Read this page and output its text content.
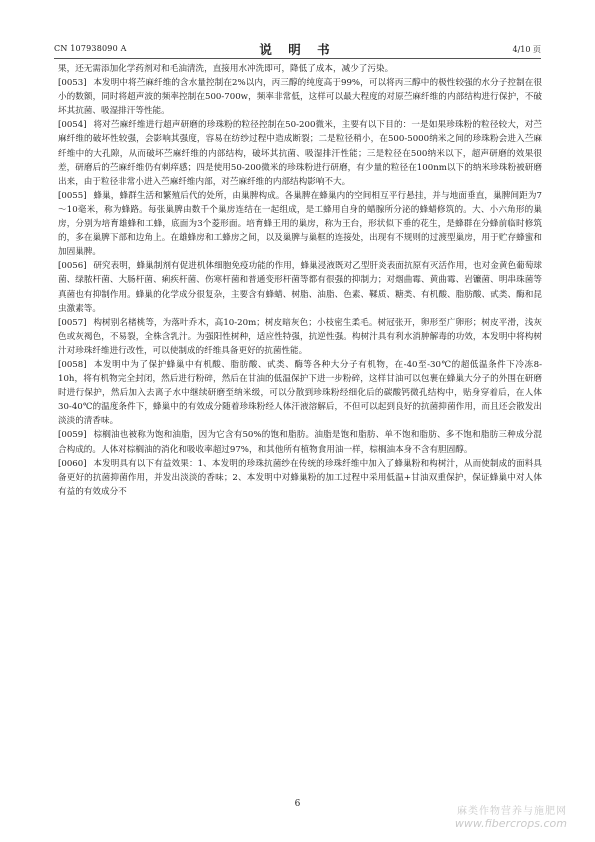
CN 107938090 A	说 明 书	4/10 页

果，还无需添加化学药剂对和毛油清洗，直接用水冲洗即可，降低了成本，减少了污染。

[0053] 本发明中将苎麻纤维的含水量控制在2%以内，丙三醇的纯度高于99%，可以将丙三醇中的极性较强的水分子控制在很小的数额，同时将超声波的频率控制在500-700w，频率非常低，这样可以最大程度的对原苎麻纤维的内部结构进行保护，不破坏其抗菌、吸湿排汗等性能。

[0054] 将对苎麻纤维进行超声研磨的珍珠粉的粒径控制在50-200微米，主要有以下目的：一是如果珍珠粉的粒径较大，对苎麻纤维的破坏性较强，会影响其强度，容易在纺纱过程中造成断裂；二是粒径稍小，在500-5000纳米之间的珍珠粉会进入苎麻纤维中的大孔隙，从而破坏苎麻纤维的内部结构，破坏其抗菌、吸湿排汗性能；三是粒径在500纳米以下，超声研磨的效果很差，研磨后的苎麻纤维仍有刺痒感；四是使用50-200微米的珍珠粉进行研磨，有少量的粒径在100nm以下的纳米珍珠粉被研磨出来，由于粒径非常小进入苎麻纤维内部，对苎麻纤维的内部结构影响不大。

[0055] 蜂巢，蜂群生活和繁殖后代的处所，由巢脾构成。各巢脾在蜂巢内的空间相互平行悬挂，并与地面垂直，巢脾间距为7～10毫米，称为蜂路。每张巢脾由数千个巢房连结在一起组成，是工蜂用自身的蜡腺所分泌的蜂蜡修筑的。大、小六角形的巢房，分别为培育雄蜂和工蜂，底面为3个菱形面。培育蜂王用的巢房，称为王台，形状似下垂的花生，是蜂群在分蜂前临时修筑的，多在巢脾下部和边角上。在雄蜂房和工蜂房之间，以及巢脾与巢框的连接处，出现有不规则的过渡型巢房，用于贮存蜂蜜和加固巢脾。

[0056] 研究表明，蜂巢制剂有促进机体细胞免疫功能的作用，蜂巢浸液既对乙型肝炎表面抗原有灭活作用，也对金黄色葡萄球菌、绿脓杆菌、大肠杆菌、痢疾杆菌、伤寒杆菌和普通变形杆菌等都有很强的抑制力；对烟曲霉、黄曲霉、岩镰菌、明串珠菌等真菌也有抑制作用。蜂巢的化学成分很复杂，主要含有蜂蜡、树脂、油脂、色素、鞣质、糖类、有机酸、脂肪酸、甙类、酶和昆虫激素等。

[0057] 构树别名楮桃等，为落叶乔木，高10-20m；树皮暗灰色；小枝密生柔毛。树冠张开，卵形至广卵形；树皮平滑，浅灰色或灰褐色，不易裂，全株含乳汁。为强阳性树种，适应性特强，抗逆性强。构树汁具有利水消肿解毒的功效，本发明中将构树汁对珍珠纤维进行改性，可以使制成的纤维具备更好的抗菌性能。

[0058] 本发明中为了保护蜂巢中有机酸、脂肪酸、甙类、酶等各种大分子有机物，在-40至-30℃的超低温条件下冷冻8-10h，将有机物完全封闭，然后进行粉碎，然后在甘油的低温保护下进一步粉碎，这样甘油可以包裹在蜂巢大分子的外围在研磨时进行保护，然后加入去离子水中继续研磨至纳米级，可以分散到珍珠粉经细化后的碳酸钙微孔结构中，贴身穿着后，在人体30-40℃的温度条件下，蜂巢中的有效成分随着珍珠粉经人体汗液溶解后，不但可以起到良好的抗菌抑菌作用，而且还会散发出淡淡的清香味。

[0059] 棕榈油也被称为饱和油脂，因为它含有50%的饱和脂肪。油脂是饱和脂肪、单不饱和脂肪、多不饱和脂肪三种成分混合构成的。人体对棕榈油的消化和吸收率超过97%，和其他所有植物食用油一样，棕榈油本身不含有胆固醇。

[0060] 本发明具有以下有益效果：1、本发明的珍珠抗菌纱在传统的珍珠纤维中加入了蜂巢粉和构树汁，从而使制成的面料具备更好的抗菌抑菌作用，并发出淡淡的香味；2、本发明中对蜂巢粉的加工过程中采用低温+甘油双重保护，保证蜂巢中对人体有益的有效成分不

6
麻类作物营养与施肥网
www.fibercrops.com
